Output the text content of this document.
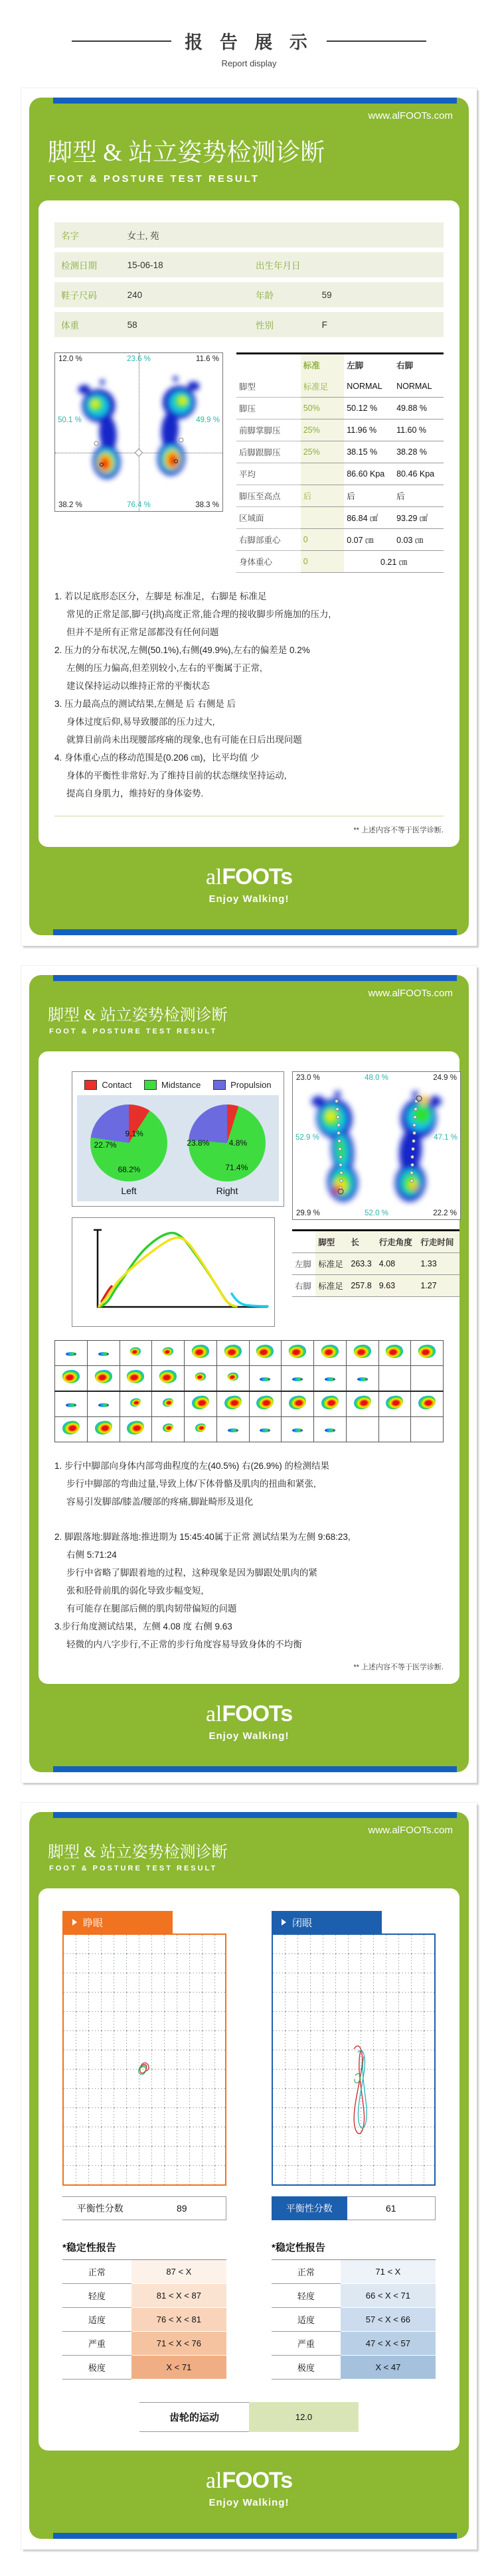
报 告 展 示
Report display
www.alFOOTs.com
脚型 & 站立姿势检测诊断
FOOT & POSTURE TEST RESULT
名字	女士, 苑		
检测日期	15-06-18	出生年月日	
鞋子尺码	240	年龄	59
体重	58	性别	F
12.0 %	23.6 %	11.6 %
50.1 %	49.9 %
38.2 %	76.4 %	38.3 %
	标准	左脚	右脚
脚型	标准足	NORMAL	NORMAL
脚压	50%	50.12 %	49.88 %
前脚掌脚压	25%	11.96 %	11.60 %
后脚跟脚压	25%	38.15 %	38.28 %
平均		86.60 Kpa	80.46 Kpa
脚压至高点	后	后	后
区域面		86.84 ㎠	93.29 ㎠
右脚部重心	0	0.07 ㎝	0.03 ㎝
身体重心	0	0.21 ㎝	
1. 若以足底形态区分，左脚是 标准足，右脚是 标准足
常见的正常足部,脚弓(拱)高度正常,能合理的接收脚步所施加的压力,
但并不是所有正常足部都没有任何问题
2. 压力的分布状况,左侧(50.1%),右侧(49.9%),左右的偏差是 0.2%
左侧的压力偏高,但差别较小,左右的平衡属于正常,
建议保持运动以维持正常的平衡状态
3. 压力最高点的测试结果,左侧是 后 右侧是 后
身体过度后仰,易导致腰部的压力过大,
就算目前尚未出现腰部疼痛的现象,也有可能在日后出现问题
4. 身体重心点的移动范围是(0.206 ㎝)，比平均值 少
身体的平衡性非常好.为了维持目前的状态继续坚持运动,
提高自身肌力，维持好的身体姿势.
** 上述内容不等于医学诊断.
alFOOTs
Enjoy Walking!
www.alFOOTs.com
脚型 & 站立姿势检测诊断
FOOT & POSTURE TEST RESULT
Contact	Midstance	Propulsion
9.1%
22.7%
68.2%
Left
4.8%
23.8%
71.4%
Right
23.0 %	48.0 %	24.9 %
52.9 %	47.1 %
29.9 %	52.0 %	22.2 %
	脚型	长	行走角度	行走时间
左脚	标准足	263.3	4.08	1.33
右脚	标准足	257.8	9.63	1.27

1. 步行中脚部向身体内部弯曲程度的左(40.5%) 右(26.9%) 的检测结果
步行中脚部的弯曲过量,导致上体/下体骨骼及肌肉的扭曲和紧张,
容易引发脚部/膝盖/腰部的疼痛,脚趾畸形及退化
2. 脚跟落地:脚趾落地:推进期为 15:45:40属于正常 测试结果为左侧 9:68:23,
右侧 5:71:24
步行中省略了脚跟着地的过程，这种现象是因为脚跟处肌肉的紧
张和胫骨前肌的弱化导致步幅变短,
有可能存在腿部后侧的肌肉韧带偏短的问题
3.步行角度测试结果，左侧 4.08 度 右侧 9.63
轻微的内八字步行,不正常的步行角度容易导致身体的不均衡
** 上述内容不等于医学诊断.
alFOOTs
Enjoy Walking!
www.alFOOTs.com
脚型 & 站立姿势检测诊断
FOOT & POSTURE TEST RESULT
睁眼	闭眼
平衡性分数	89	平衡性分数	61
*稳定性报告
正常	87 < X
轻度	81 < X < 87
适度	76 < X < 81
严重	71 < X < 76
极度	X < 71
*稳定性报告
正常	71 < X
轻度	66 < X < 71
适度	57 < X < 66
严重	47 < X < 57
极度	X < 47
齿轮的运动	12.0
alFOOTs
Enjoy Walking!
